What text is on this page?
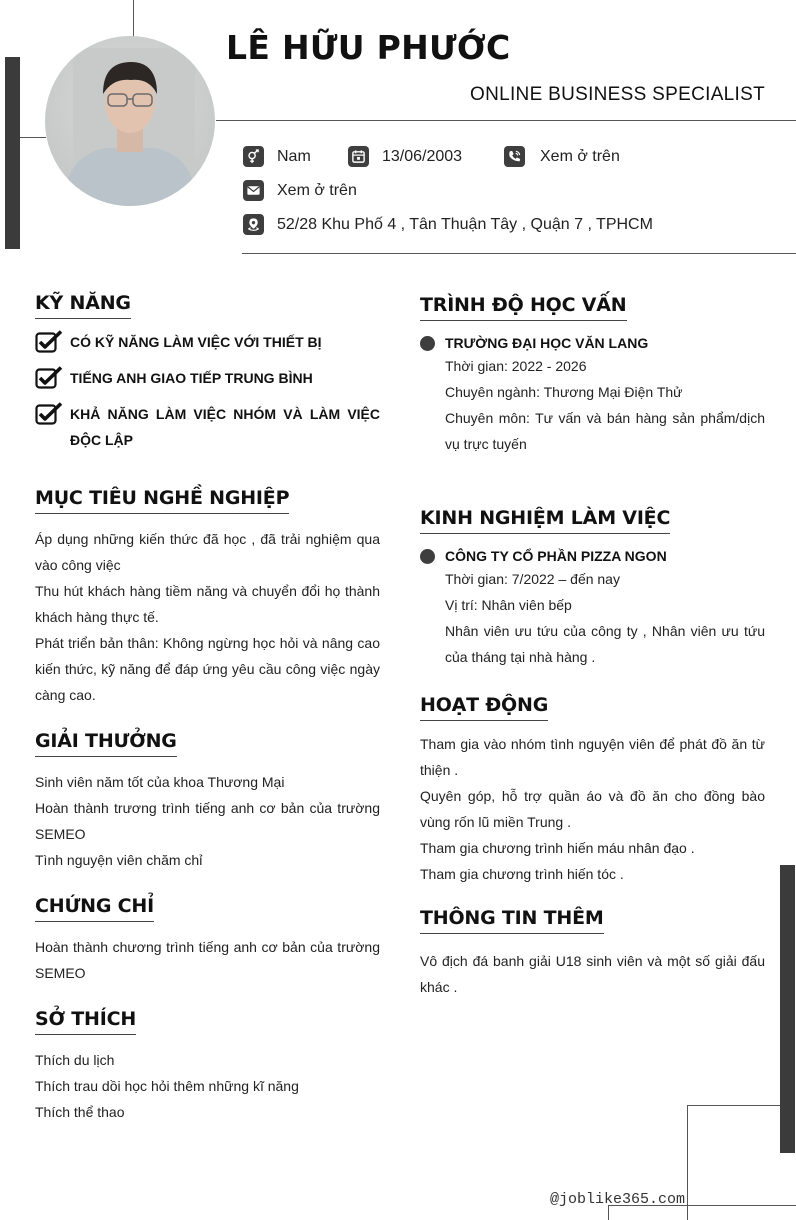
LÊ HỮU PHƯỚC
ONLINE BUSINESS SPECIALIST
Nam	13/06/2003	Xem ở trên
Xem ở trên
52/28 Khu Phố 4 , Tân Thuận Tây , Quận 7 , TPHCM
KỸ NĂNG
CÓ KỸ NĂNG LÀM VIỆC VỚI THIẾT BỊ
TIẾNG ANH GIAO TIẾP TRUNG BÌNH
KHẢ NĂNG LÀM VIỆC NHÓM VÀ LÀM VIỆC ĐỘC LẬP
MỤC TIÊU NGHỀ NGHIỆP

Áp dụng những kiến thức đã học , đã trải nghiệm qua vào công việc

Thu hút khách hàng tiềm năng và chuyển đổi họ thành khách hàng thực tế.

Phát triển bản thân: Không ngừng học hỏi và nâng cao kiến thức, kỹ năng để đáp ứng yêu cầu công việc ngày càng cao.

GIẢI THƯỞNG

Sinh viên năm tốt của khoa Thương Mại

Hoàn thành trương trình tiếng anh cơ bản của trường SEMEO

Tình nguyện viên chăm chỉ

CHỨNG CHỈ

Hoàn thành chương trình tiếng anh cơ bản của trường SEMEO

SỞ THÍCH

Thích du lịch

Thích trau dồi học hỏi thêm những kĩ năng

Thích thể thao

TRÌNH ĐỘ HỌC VẤN
TRƯỜNG ĐẠI HỌC VĂN LANG
Thời gian: 2022 - 2026
Chuyên ngành: Thương Mại Điện Thử
Chuyên môn: Tư vấn và bán hàng sản phẩm/dịch vụ trực tuyến
KINH NGHIỆM LÀM VIỆC
CÔNG TY CỔ PHẦN PIZZA NGON
Thời gian: 7/2022 – đến nay
Vị trí: Nhân viên bếp
Nhân viên ưu tứu của công ty , Nhân viên ưu tứu của tháng tại nhà hàng .
HOẠT ĐỘNG

Tham gia vào nhóm tình nguyện viên để phát đồ ăn từ thiện .

Quyên góp, hỗ trợ quần áo và đồ ăn cho đồng bào vùng rốn lũ miền Trung .

Tham gia chương trình hiến máu nhân đạo .

Tham gia chương trình hiến tóc .

THÔNG TIN THÊM

Vô địch đá banh giải U18 sinh viên và một số giải đấu khác .

@joblike365.com
